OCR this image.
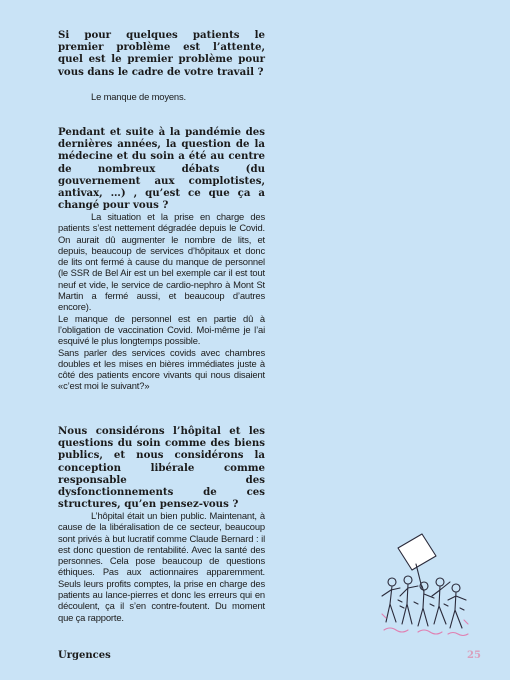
Si pour quelques patients le premier problème est l’attente, quel est le premier problème pour vous dans le cadre de votre travail ?

Le manque de moyens.

Pendant et suite à la pandémie des dernières années, la question de la médecine et du soin a été au centre de nombreux débats (du gouvernement aux complotistes, antivax, …) , qu’est ce que ça a changé pour vous ?

La situation et la prise en charge des patients s’est nettement dégradée depuis le Covid. On aurait dû augmenter le nombre de lits, et depuis, beaucoup de services d’hôpitaux et donc de lits ont fermé à cause du manque de personnel (le SSR de Bel Air est un bel exemple car il est tout neuf et vide, le service de cardio-nephro à Mont St Martin a fermé aussi, et beaucoup d’autres encore).

Le manque de personnel est en partie dû à l’obligation de vaccination Covid. Moi-même je l’ai esquivé le plus longtemps possible.

Sans parler des services covids avec chambres doubles et les mises en bières immédiates juste à côté des patients encore vivants qui nous disaient «c’est moi le suivant?»

Nous considérons l’hôpital et les questions du soin comme des biens publics, et nous considérons la conception libérale comme responsable des dysfonctionnements de ces structures, qu’en pensez-vous ?

L’hôpital était un bien public. Maintenant, à cause de la libéralisation de ce secteur, beaucoup sont privés à but lucratif comme Claude Bernard : il est donc question de rentabilité. Avec la santé des personnes. Cela pose beaucoup de questions éthiques. Pas aux actionnaires apparemment. Seuls leurs profits comptes, la prise en charge des patients au lance-pierres et donc les erreurs qui en découlent, ça il s’en contre-foutent. Du moment que ça rapporte.

Urgences	25
